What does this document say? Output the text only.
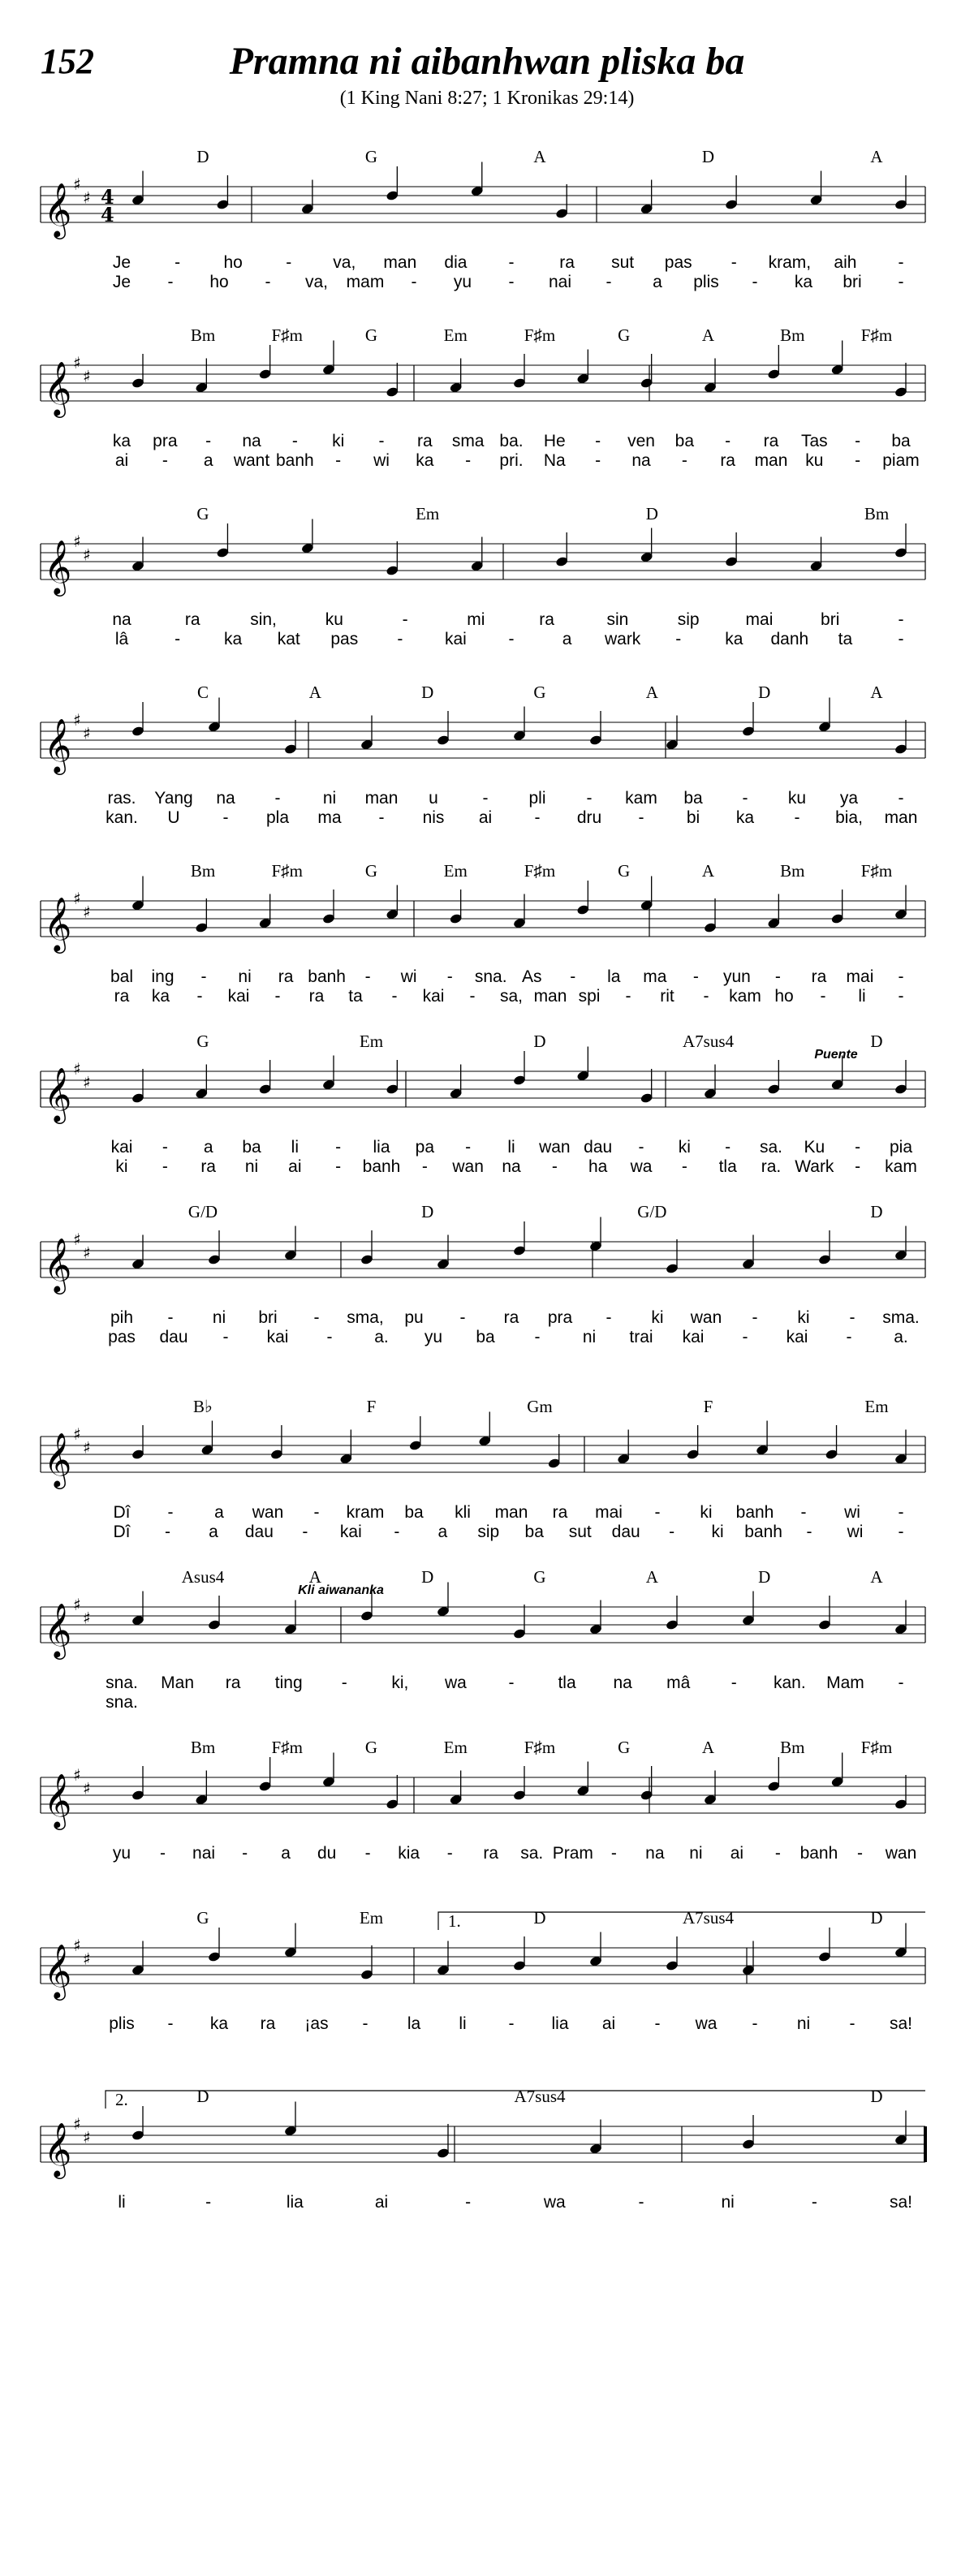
152	Pramna ni aibanhwan pliska ba
(1 King Nani 8:27; 1 Kronikas 29:14)
𝄞 ♯
♯ 4
4
D	G	A	D	A
Je	-	ho	- va, man dia -	ra sut pas - kram, aih -
Je - ho - va, mam - yu - nai - a plis - ka bri -
𝄞 ♯
♯
Bm	F♯m	G	Em	F♯m	G	A	Bm	F♯m
ka pra - na - ki - ra sma ba. He - ven ba - ra Tas - ba
ai - a want banh - wi ka - pri. Na - na - ra man ku - piam
𝄞 ♯
♯
G	Em	D	Bm
na	ra	sin,	ku	-	mi	ra	sin	sip	mai	bri	-
lâ	-	ka kat pas - kai -	a wark -	ka danh ta	-
𝄞 ♯
♯
C	A	D	G	A	D	A
ras. Yang na - ni man u	- pli - kam ba - ku ya -
kan. U	- pla ma - nis ai - dru - bi ka - bia, man
𝄞 ♯
♯
Bm	F♯m	G	Em	F♯m	G	A	Bm	F♯m
bal ing - ni ra banh - wi - sna. As - la ma - yun - ra mai -
ra ka - kai - ra ta - kai - sa, man spi - rit - kam ho - li -
𝄞 ♯
♯
G	Em	D	A7sus4	D
kai - a ba li - lia pa - li wan dau - ki - sa. Ku - pia
ki - ra ni ai - banh - wan na - ha wa - tla ra. Wark - kam
Puente
𝄞 ♯
♯
G/D	D	G/D	D
pih - ni bri - sma, pu - ra pra - ki wan - ki - sma.
pas dau - kai - a. yu ba - ni trai kai - kai - a.
𝄞 ♯
♯
B♭	F	Gm	F	Em
Dî - a wan - kram ba kli man ra mai - ki banh - wi -
Dî - a dau - kai - a sip ba sut dau - ki banh - wi -
𝄞 ♯
♯
Asus4	A	D	G	A	D	A
sna. Man ra ting -	ki, wa -	tla na mâ - kan. Mam -
sna.
Kli aiwananka
𝄞 ♯
♯
Bm	F♯m	G	Em	F♯m	G	A	Bm	F♯m
yu - nai - a du - kia - ra sa. Pram - na ni ai - banh - wan
𝄞 ♯
♯
G	Em	D	A7sus4	D
plis - ka ra ¡as - la li - lia ai - wa - ni - sa!
1.
𝄞 ♯
♯
D	A7sus4	D
li	-	lia	ai	-	wa	-	ni	-	sa!
2.
